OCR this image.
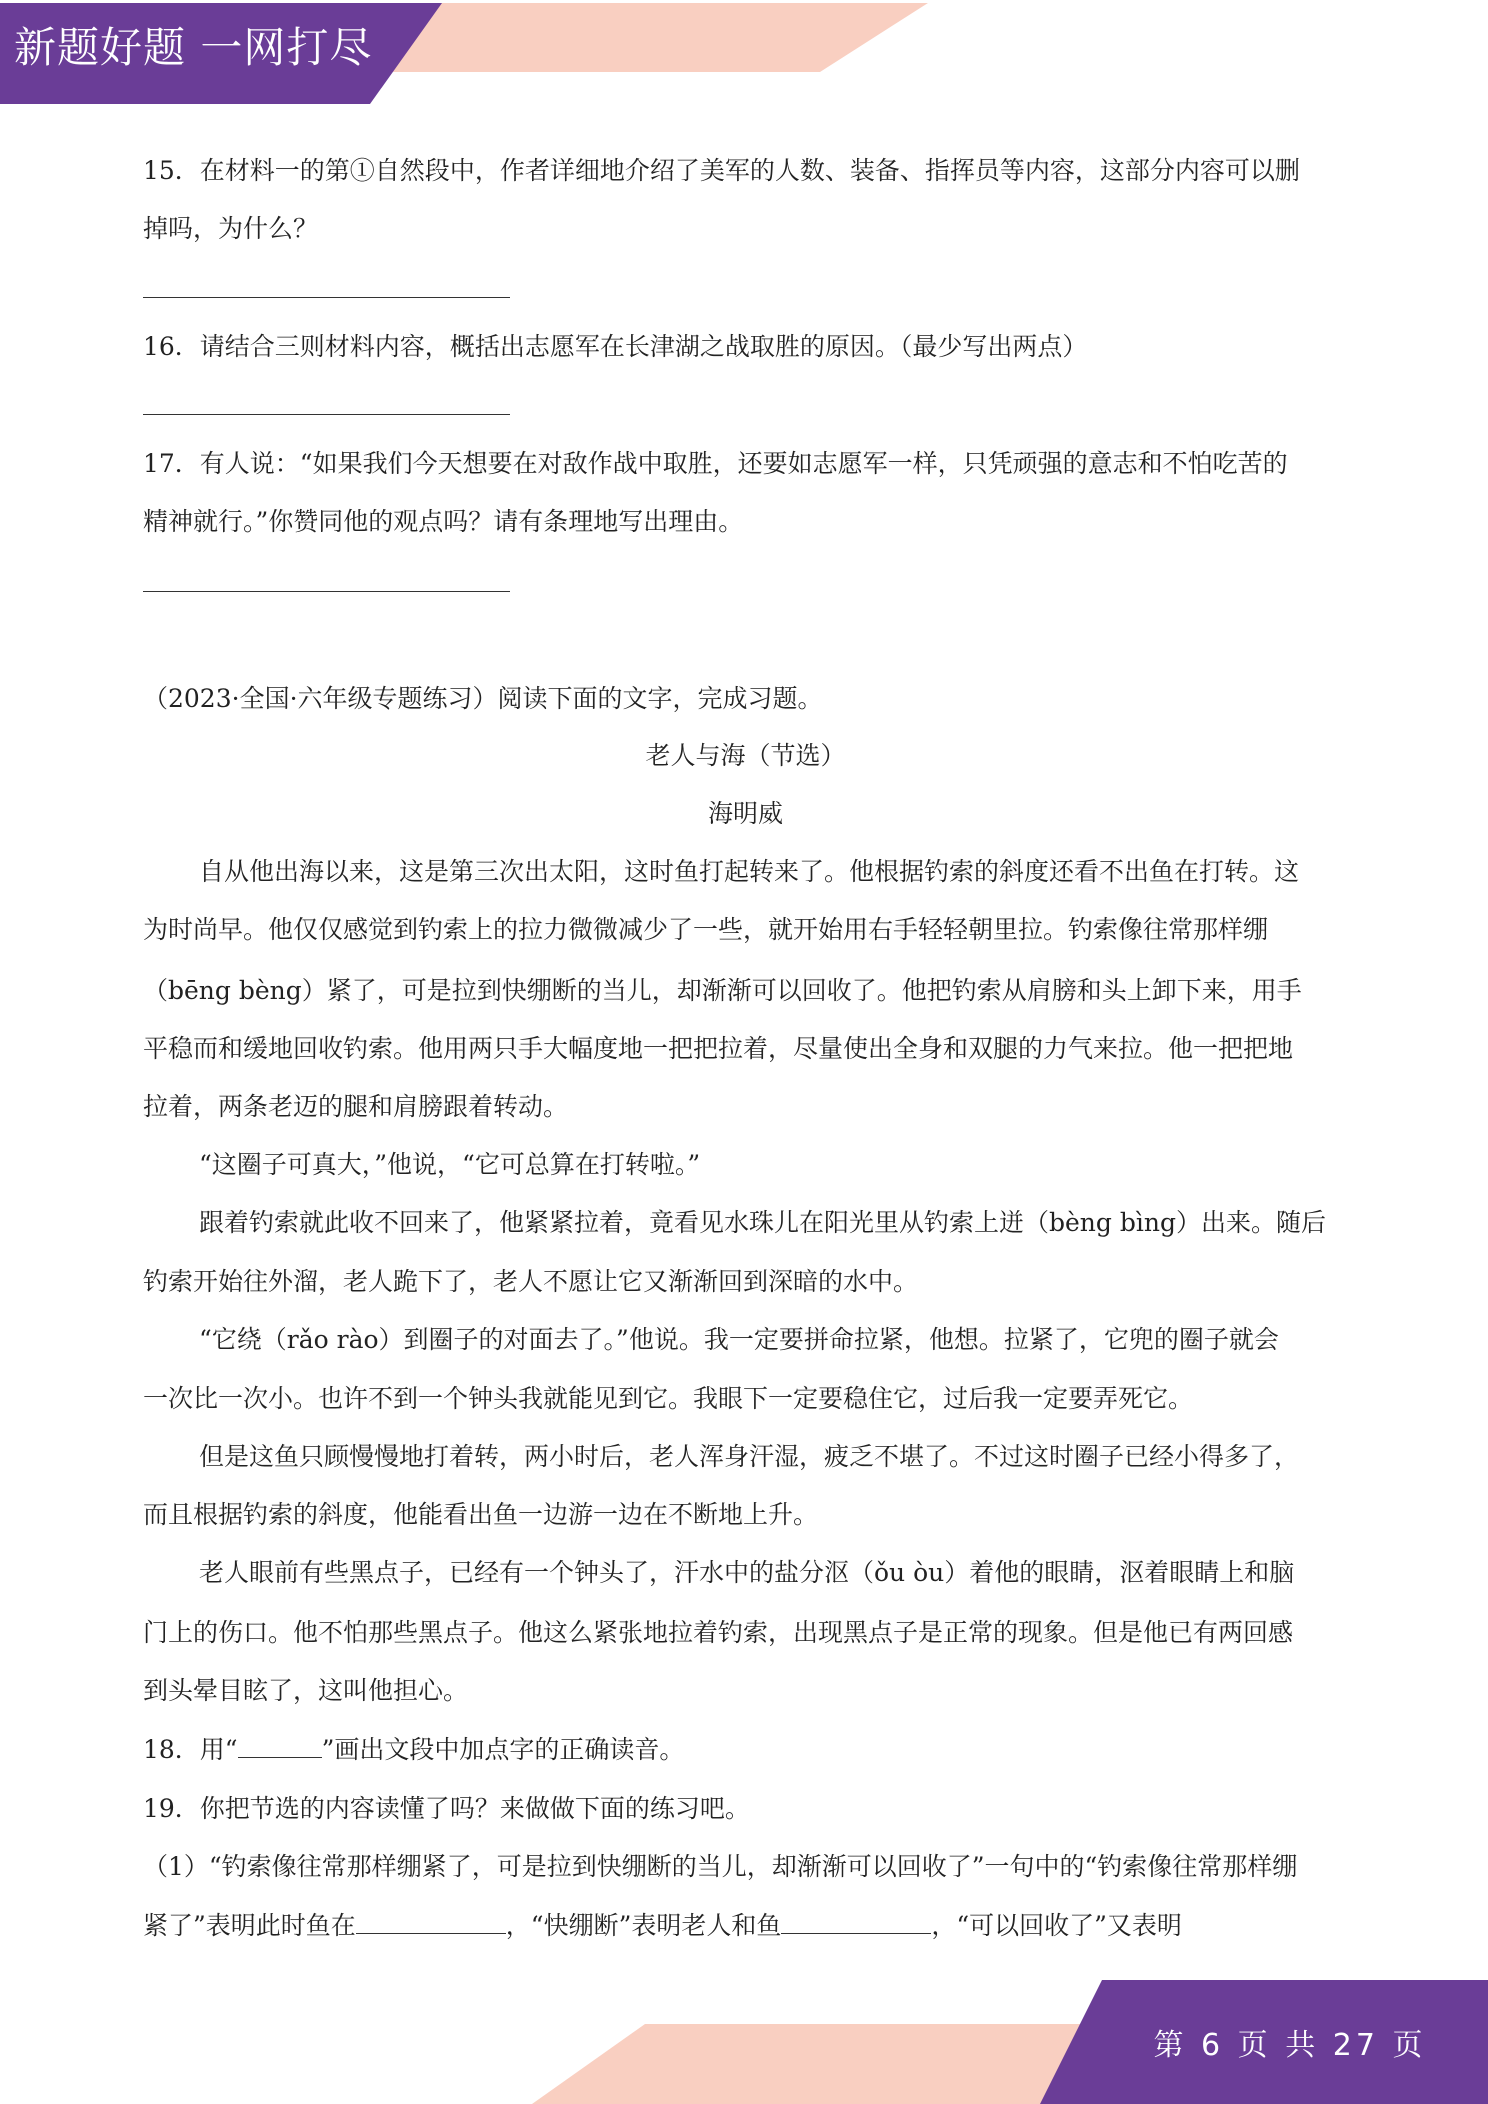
新题好题 一网打尽

15．在材料一的第①自然段中，作者详细地介绍了美军的人数、装备、指挥员等内容，这部分内容可以删

掉吗，为什么？

16．请结合三则材料内容，概括出志愿军在长津湖之战取胜的原因。（最少写出两点）

17．有人说：“如果我们今天想要在对敌作战中取胜，还要如志愿军一样，只凭顽强的意志和不怕吃苦的

精神就行。”你赞同他的观点吗？请有条理地写出理由。

（2023·全国·六年级专题练习）阅读下面的文字，完成习题。

老人与海（节选）

海明威

自从他出海以来，这是第三次出太阳，这时鱼打起转来了。他根据钓索的斜度还看不出鱼在打转。这

为时尚早。他仅仅感觉到钓索上的拉力微微减少了一些，就开始用右手轻轻朝里拉。钓索像往常那样绷

（bēng bèng）紧了，可是拉到快绷断的当儿，却渐渐可以回收了。他把钓索从肩膀和头上卸下来，用手

平稳而和缓地回收钓索。他用两只手大幅度地一把把拉着，尽量使出全身和双腿的力气来拉。他一把把地

拉着，两条老迈的腿和肩膀跟着转动。

“这圈子可真大，”他说，“它可总算在打转啦。”

跟着钓索就此收不回来了，他紧紧拉着，竟看见水珠儿在阳光里从钓索上迸（bèng bìng）出来。随后

钓索开始往外溜，老人跪下了，老人不愿让它又渐渐回到深暗的水中。

“它绕（rǎo rào）到圈子的对面去了。”他说。我一定要拼命拉紧，他想。拉紧了，它兜的圈子就会

一次比一次小。也许不到一个钟头我就能见到它。我眼下一定要稳住它，过后我一定要弄死它。

但是这鱼只顾慢慢地打着转，两小时后，老人浑身汗湿，疲乏不堪了。不过这时圈子已经小得多了，

而且根据钓索的斜度，他能看出鱼一边游一边在不断地上升。

老人眼前有些黑点子，已经有一个钟头了，汗水中的盐分沤（ǒu òu）着他的眼睛，沤着眼睛上和脑

门上的伤口。他不怕那些黑点子。他这么紧张地拉着钓索，出现黑点子是正常的现象。但是他已有两回感

到头晕目眩了，这叫他担心。

18．用“	”画出文段中加点字的正确读音。

19．你把节选的内容读懂了吗？来做做下面的练习吧。

（1）“钓索像往常那样绷紧了，可是拉到快绷断的当儿，却渐渐可以回收了”一句中的“钓索像往常那样绷

紧了”表明此时鱼在	，“快绷断”表明老人和鱼	，“可以回收了”又表明

第 6 页 共 27 页
